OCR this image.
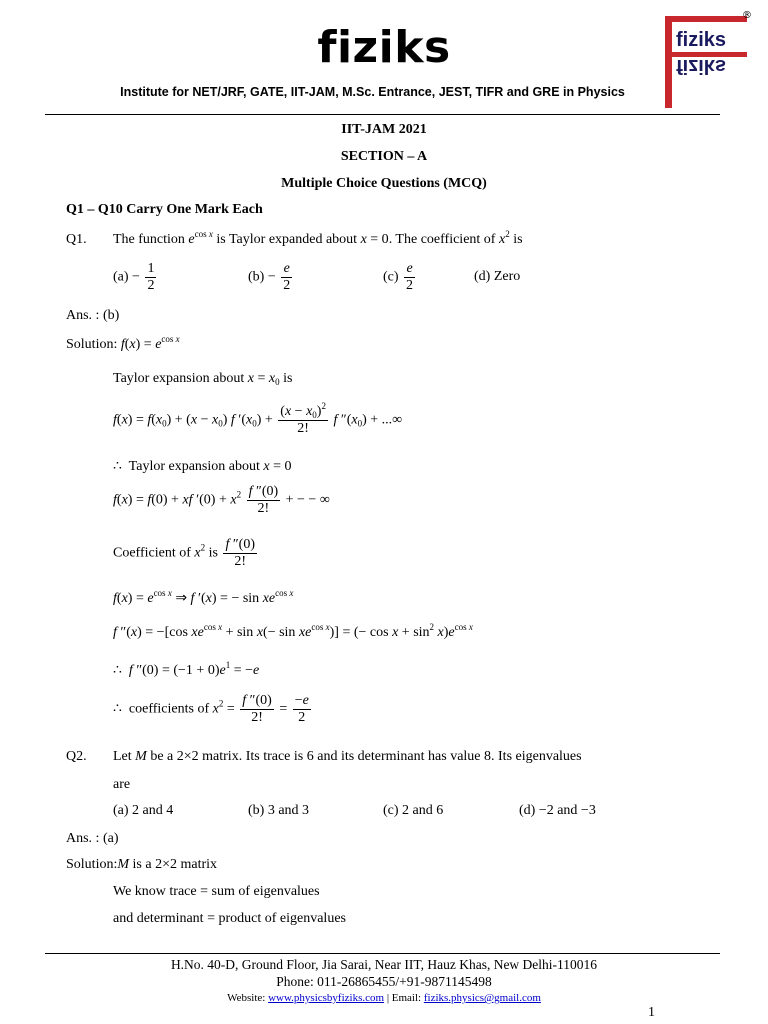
fiziks
Institute for NET/JRF, GATE, IIT-JAM, M.Sc. Entrance, JEST, TIFR and GRE in Physics
fiziks
fiziks
®
IIT-JAM 2021
SECTION – A
Multiple Choice Questions (MCQ)
Q1 – Q10 Carry One Mark Each
Q1. The function $e^{cos x}$ is Taylor expanded about x = 0. The coefficient of $x^2$ is
$(a) - \frac{1}{2}$	$(b) - \frac{e}{2}$	$(c) \frac{e}{2}$	(d) Zero
Ans. : (b)
Solution: $f(x) = e^{cos x}$
Taylor expansion about $x = x_0$ is
$f(x) = f(x_0) + (x - x_0)$ f $'(x_0) + \frac{(x - x_0)^2}{2!}$ f $''(x_0)$ + ...∞
∴  Taylor expansion about x = 0
f(x) = f(0) + xf $'(0) + x^2 \frac{f ''(0)}{2!}$ + − − ∞
Coefficient of $x^2$ is $\frac{f ''(0)}{2!}$
$f(x) = e^{cos x}$ ⇒ f ′(x) = − $\sin xe^{cos x}$
f ″(x) = −[cos $xe^{cos x} + \sin x(- \sin xe^{cos x})$] = (− $\cos x + \sin^2 x)e^{cos x}$
∴  f $''(0) = (-1 + 0)e^1 = -e$
∴  coefficients of $x^2 = \frac{f ''(0)}{2!} = \frac{-e}{2}$
Q2. Let M be a 2×2 matrix. Its trace is 6 and its determinant has value 8. Its eigenvalues
are
(a) 2 and 4	(b) 3 and 3	(c) 2 and 6	(d) −2 and −3
Ans. : (a)
Solution:M is a 2×2 matrix
We know trace = sum of eigenvalues
and determinant = product of eigenvalues
H.No. 40-D, Ground Floor, Jia Sarai, Near IIT, Hauz Khas, New Delhi-110016
Phone: 011-26865455/+91-9871145498
Website: www.physicsbyfiziks.com | Email: fiziks.physics@gmail.com
1
